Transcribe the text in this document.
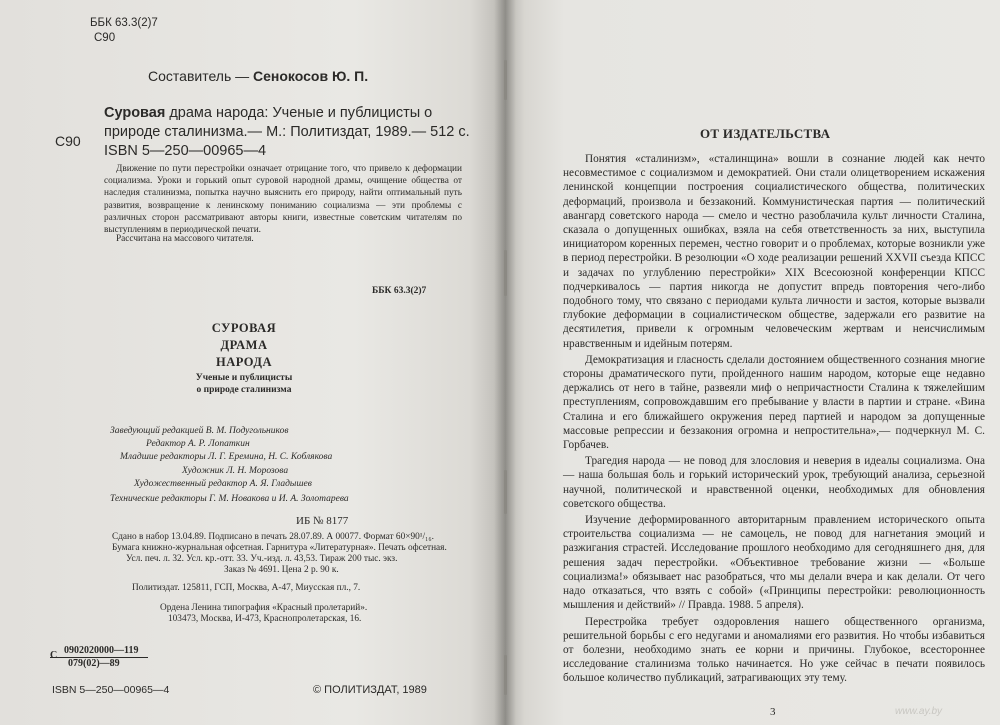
ББК 63.3(2)7
С90
Составитель — Сенокосов Ю. П.
С90
Суровая драма народа: Ученые и публицисты о
природе сталинизма.— М.: Политиздат, 1989.— 512 с.
ISBN 5—250—00965—4
Движение по пути перестройки означает отрицание того, что привело к деформации социализма. Уроки и горький опыт суровой народной драмы, очищение общества от наследия сталинизма, попытка научно выяснить его природу, найти оптимальный путь развития, возвращение к ленинскому пониманию социализма — эти проблемы с различных сторон рассматривают авторы книги, известные советским читателям по выступлениям в периодической печати.
Рассчитана на массового читателя.
ББК 63.3(2)7
СУРОВАЯ
ДРАМА
НАРОДА
Ученые и публицисты
о природе сталинизма
Заведующий редакцией В. М. Подугольников
Редактор А. Р. Лопаткин
Младшие редакторы Л. Г. Еремина, Н. С. Коблякова
Художник Л. Н. Морозова
Художественный редактор А. Я. Гладышев
Технические редакторы Г. М. Новакова и И. А. Золотарева
ИБ № 8177
Сдано в набор 13.04.89. Подписано в печать 28.07.89. А 00077. Формат 60×90¹/₁₆.
Бумага книжно-журнальная офсетная. Гарнитура «Литературная». Печать офсетная.
Усл. печ. л. 32. Усл. кр.-отт. 33. Уч.-изд. л. 43,53. Тираж 200 тыс. экз.
Заказ № 4691. Цена 2 р. 90 к.
Политиздат. 125811, ГСП, Москва, А-47, Миусская пл., 7.
Ордена Ленина типография «Красный пролетарий».
103473, Москва, И-473, Краснопролетарская, 16.
С 0902020000—119
079(02)—89
ISBN 5—250—00965—4	© ПОЛИТИЗДАТ, 1989
ОТ ИЗДАТЕЛЬСТВА

Понятия «сталинизм», «сталинщина» вошли в сознание людей как нечто несовместимое с социализмом и демократией. Они стали олицетворением искажения ленинской концепции построения социалистического общества, политических деформаций, произвола и беззаконий. Коммунистическая партия — политический авангард советского народа — смело и честно разоблачила культ личности Сталина, сказала о допущенных ошибках, взяла на себя ответственность за них, выступила инициатором коренных перемен, честно говорит и о проблемах, которые возникли уже в период перестройки. В резолюции «О ходе реализации решений XXVII съезда КПСС и задачах по углублению перестройки» XIX Всесоюзной конференции КПСС подчеркивалось — партия никогда не допустит впредь повторения чего-либо подобного тому, что связано с периодами культа личности и застоя, которые вызвали глубокие деформации в социалистическом обществе, задержали его развитие на десятилетия, привели к огромным человеческим жертвам и неисчислимым нравственным и идейным потерям.

Демократизация и гласность сделали достоянием общественного сознания многие стороны драматического пути, пройденного нашим народом, которые еще недавно держались от него в тайне, развеяли миф о непричастности Сталина к тяжелейшим преступлениям, сопровождавшим его пребывание у власти в партии и стране. «Вина Сталина и его ближайшего окружения перед партией и народом за допущенные массовые репрессии и беззакония огромна и непростительна»,— подчеркнул М. С. Горбачев.

Трагедия народа — не повод для злословия и неверия в идеалы социализма. Она — наша большая боль и горький исторический урок, требующий анализа, серьезной научной, политической и нравственной оценки, необходимых для обновления советского общества.

Изучение деформированного авторитарным правлением исторического опыта строительства социализма — не самоцель, не повод для нагнетания эмоций и разжигания страстей. Исследование прошлого необходимо для сегодняшнего дня, для решения задач перестройки. «Объективное требование жизни — «Больше социализма!» обязывает нас разобраться, что мы делали вчера и как делали. От чего надо отказаться, что взять с собой» («Принципы перестройки: революционность мышления и действий» // Правда. 1988. 5 апреля).

Перестройка требует оздоровления нашего общественного организма, решительной борьбы с его недугами и аномалиями его развития. Но чтобы избавиться от болезни, необходимо знать ее корни и причины. Глубокое, всестороннее исследование сталинизма только начинается. Но уже сейчас в печати появилось большое количество публикаций, затрагивающих эту тему.

3	www.ay.by
